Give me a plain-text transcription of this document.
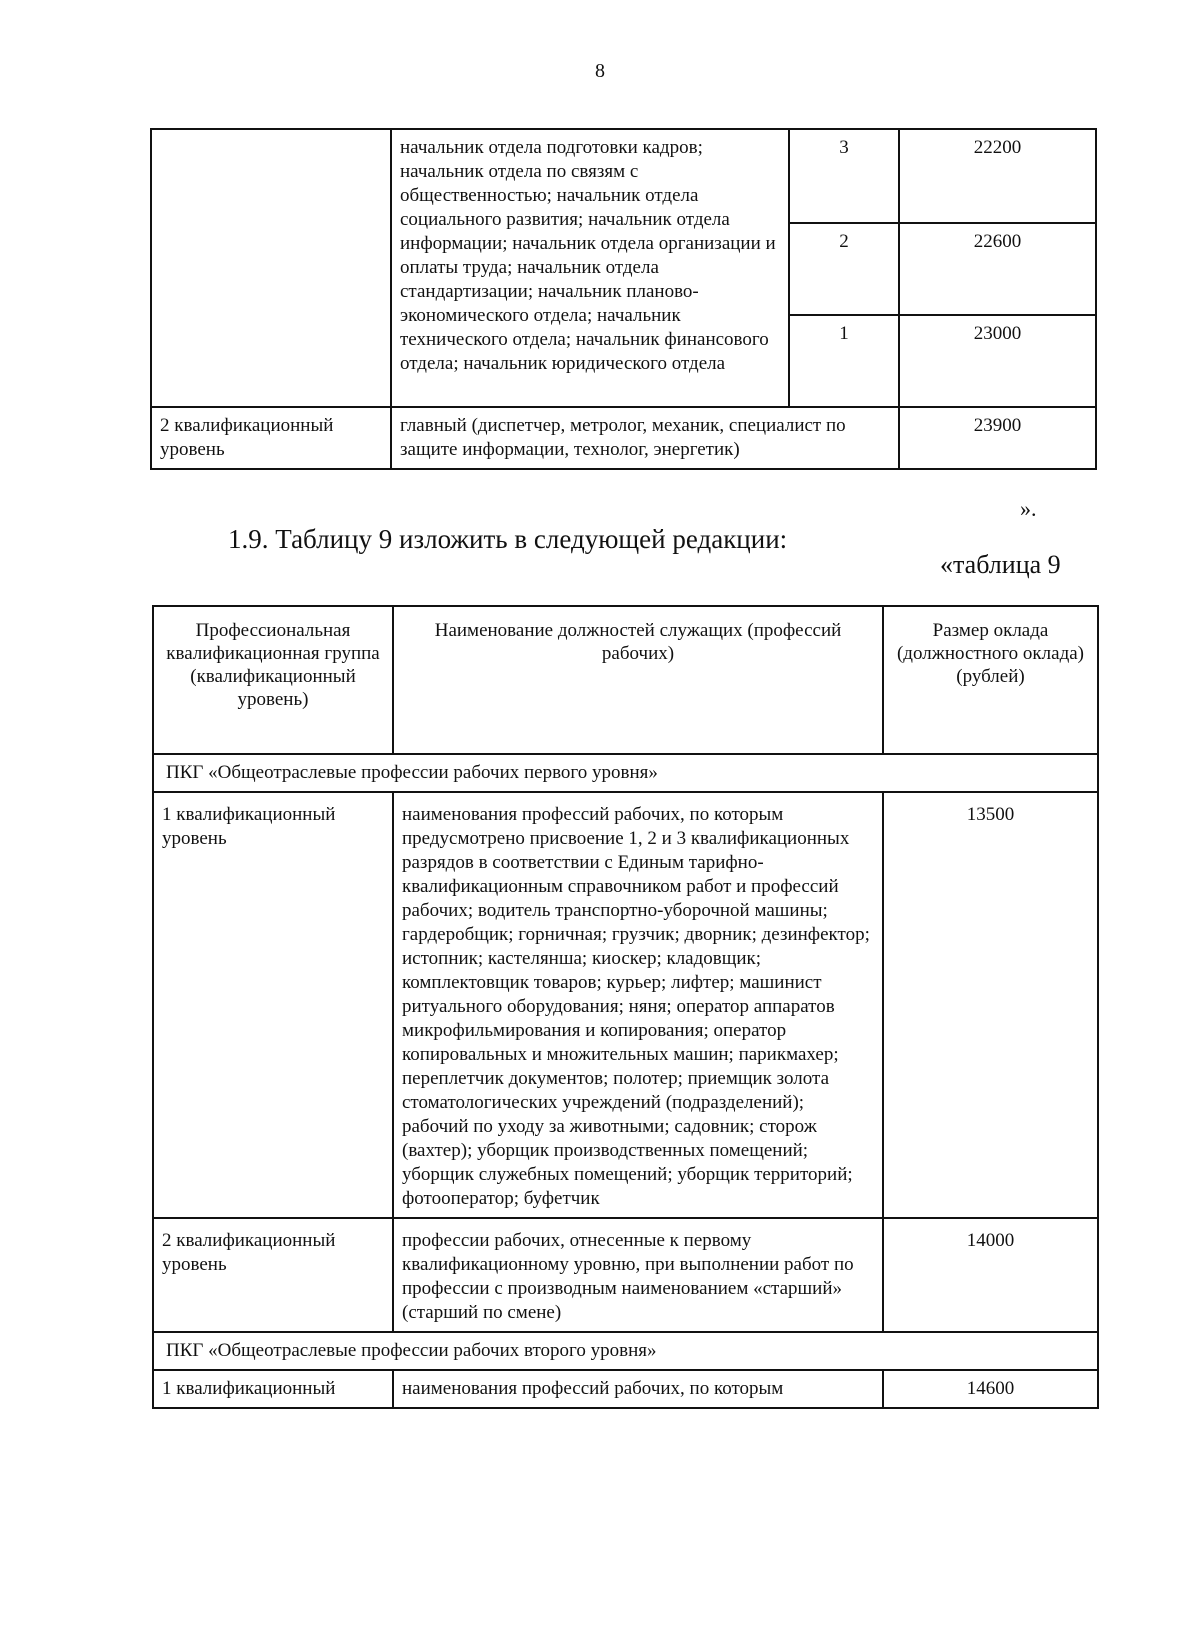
8
	начальник отдела подготовки кадров; начальник отдела по связям с общественностью; начальник отдела социального развития; начальник отдела информации; начальник отдела организации и оплаты труда; начальник отдела стандартизации; начальник планово-экономического отдела; начальник технического отдела; начальник финансового отдела; начальник юридического отдела	3	22200
		2	22600
		1	23000
2 квалификационный уровень	главный (диспетчер, метролог, механик, специалист по защите информации, технолог, энергетик)		23900
».
1.9. Таблицу 9 изложить в следующей редакции:
«таблица 9
Профессиональная квалификационная группа (квалификационный уровень)	Наименование должностей служащих (профессий рабочих)	Размер оклада (должностного оклада) (рублей)
ПКГ «Общеотраслевые профессии рабочих первого уровня»		
1 квалификационный уровень	наименования профессий рабочих, по которым предусмотрено присвоение 1, 2 и 3 квалификационных разрядов в соответствии с Единым тарифно-квалификационным справочником работ и профессий рабочих; водитель транспортно-уборочной машины; гардеробщик; горничная; грузчик; дворник; дезинфектор; истопник; кастелянша; киоскер; кладовщик; комплектовщик товаров; курьер; лифтер; машинист ритуального оборудования; няня; оператор аппаратов микрофильмирования и копирования; оператор копировальных и множительных машин; парикмахер; переплетчик документов; полотер; приемщик золота стоматологических учреждений (подразделений); рабочий по уходу за животными; садовник; сторож (вахтер); уборщик производственных помещений; уборщик служебных помещений; уборщик территорий; фотооператор; буфетчик	13500
2 квалификационный уровень	профессии рабочих, отнесенные к первому квалификационному уровню, при выполнении работ по профессии с производным наименованием «старший» (старший по смене)	14000
ПКГ «Общеотраслевые профессии рабочих второго уровня»		
1 квалификационный	наименования профессий рабочих, по которым	14600
